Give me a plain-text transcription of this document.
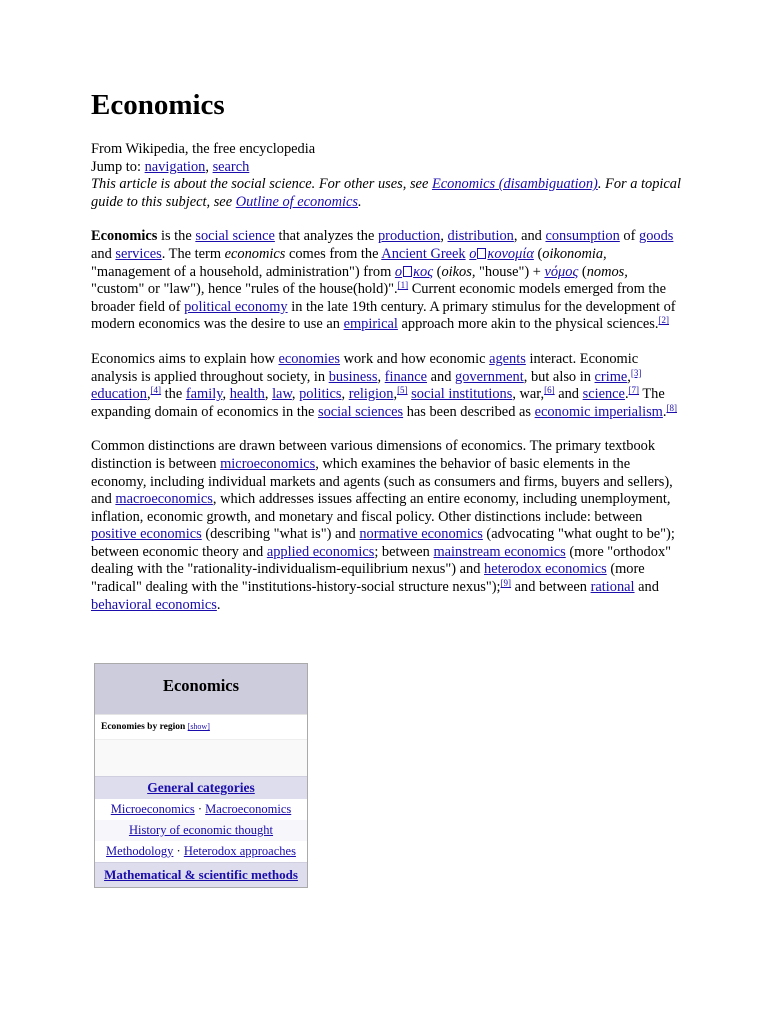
Economics

From Wikipedia, the free encyclopedia

Jump to: navigation, search

This article is about the social science. For other uses, see Economics (disambiguation). For a topical guide to this subject, see Outline of economics.

Economics is the social science that analyzes the production, distribution, and consumption of goods and services. The term economics comes from the Ancient Greek ο κονομία (oikonomia, "management of a household, administration") from ο κος (oikos, "house") + νόμος (nomos, "custom" or "law"), hence "rules of the house(hold)".[1] Current economic models emerged from the broader field of political economy in the late 19th century. A primary stimulus for the development of modern economics was the desire to use an empirical approach more akin to the physical sciences.[2]

Economics aims to explain how economies work and how economic agents interact. Economic analysis is applied throughout society, in business, finance and government, but also in crime,[3] education,[4] the family, health, law, politics, religion,[5] social institutions, war,[6] and science.[7] The expanding domain of economics in the social sciences has been described as economic imperialism.[8]

Common distinctions are drawn between various dimensions of economics. The primary textbook distinction is between microeconomics, which examines the behavior of basic elements in the economy, including individual markets and agents (such as consumers and firms, buyers and sellers), and macroeconomics, which addresses issues affecting an entire economy, including unemployment, inflation, economic growth, and monetary and fiscal policy. Other distinctions include: between positive economics (describing "what is") and normative economics (advocating "what ought to be"); between economic theory and applied economics; between mainstream economics (more "orthodox" dealing with the "rationality-individualism-equilibrium nexus") and heterodox economics (more "radical" dealing with the "institutions-history-social structure nexus");[9] and between rational and behavioral economics.

Economics
Economies by region [show]
General categories
Microeconomics · Macroeconomics
History of economic thought
Methodology · Heterodox approaches
Mathematical & scientific methods
